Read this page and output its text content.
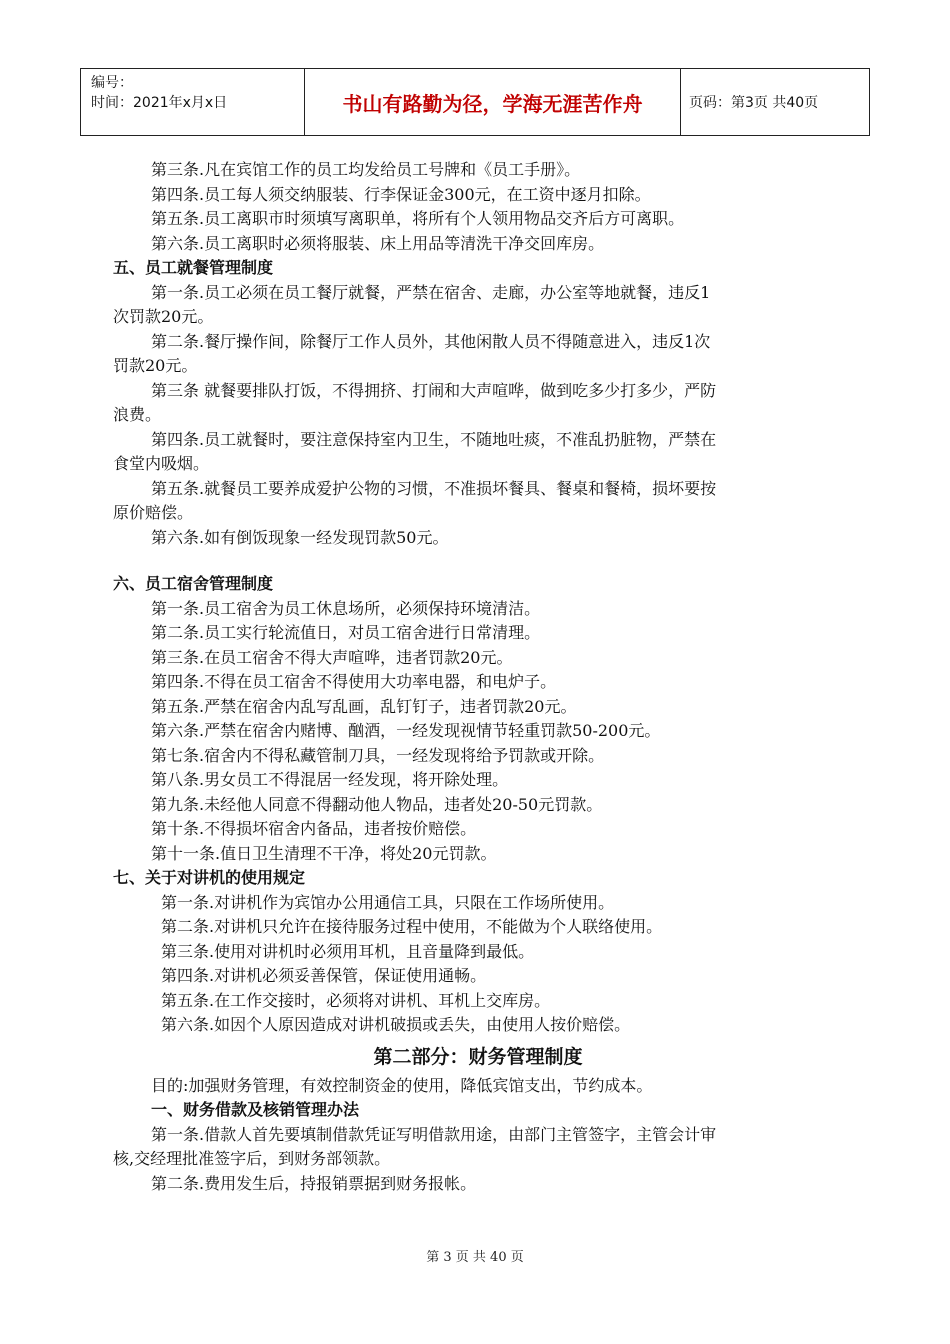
编号：
时间：2021年x月x日	书山有路勤为径，学海无涯苦作舟	页码：第3页 共40页
第三条.凡在宾馆工作的员工均发给员工号牌和《员工手册》。
第四条.员工每人须交纳服装、行李保证金300元，在工资中逐月扣除。
第五条.员工离职市时须填写离职单，将所有个人领用物品交齐后方可离职。
第六条.员工离职时必须将服装、床上用品等清洗干净交回库房。
五、员工就餐管理制度
第一条.员工必须在员工餐厅就餐，严禁在宿舍、走廊，办公室等地就餐，违反1
次罚款20元。
第二条.餐厅操作间，除餐厅工作人员外，其他闲散人员不得随意进入，违反1次
罚款20元。
第三条 就餐要排队打饭，不得拥挤、打闹和大声喧哗，做到吃多少打多少，严防
浪费。
第四条.员工就餐时，要注意保持室内卫生，不随地吐痰，不准乱扔脏物，严禁在
食堂内吸烟。
第五条.就餐员工要养成爱护公物的习惯，不准损坏餐具、餐桌和餐椅，损坏要按
原价赔偿。
第六条.如有倒饭现象一经发现罚款50元。
六、员工宿舍管理制度
第一条.员工宿舍为员工休息场所，必须保持环境清洁。
第二条.员工实行轮流值日，对员工宿舍进行日常清理。
第三条.在员工宿舍不得大声喧哗，违者罚款20元。
第四条.不得在员工宿舍不得使用大功率电器，和电炉子。
第五条.严禁在宿舍内乱写乱画，乱钉钉子，违者罚款20元。
第六条.严禁在宿舍内赌博、酗酒，一经发现视情节轻重罚款50-200元。
第七条.宿舍内不得私藏管制刀具，一经发现将给予罚款或开除。
第八条.男女员工不得混居一经发现，将开除处理。
第九条.未经他人同意不得翻动他人物品，违者处20-50元罚款。
第十条.不得损坏宿舍内备品，违者按价赔偿。
第十一条.值日卫生清理不干净，将处20元罚款。
七、关于对讲机的使用规定
第一条.对讲机作为宾馆办公用通信工具，只限在工作场所使用。
第二条.对讲机只允许在接待服务过程中使用，不能做为个人联络使用。
第三条.使用对讲机时必须用耳机，且音量降到最低。
第四条.对讲机必须妥善保管，保证使用通畅。
第五条.在工作交接时，必须将对讲机、耳机上交库房。
第六条.如因个人原因造成对讲机破损或丢失，由使用人按价赔偿。
第二部分：财务管理制度
目的:加强财务管理，有效控制资金的使用，降低宾馆支出，节约成本。
一、财务借款及核销管理办法
第一条.借款人首先要填制借款凭证写明借款用途，由部门主管签字，主管会计审
核,交经理批准签字后，到财务部领款。
第二条.费用发生后，持报销票据到财务报帐。
第 3 页 共 40 页
